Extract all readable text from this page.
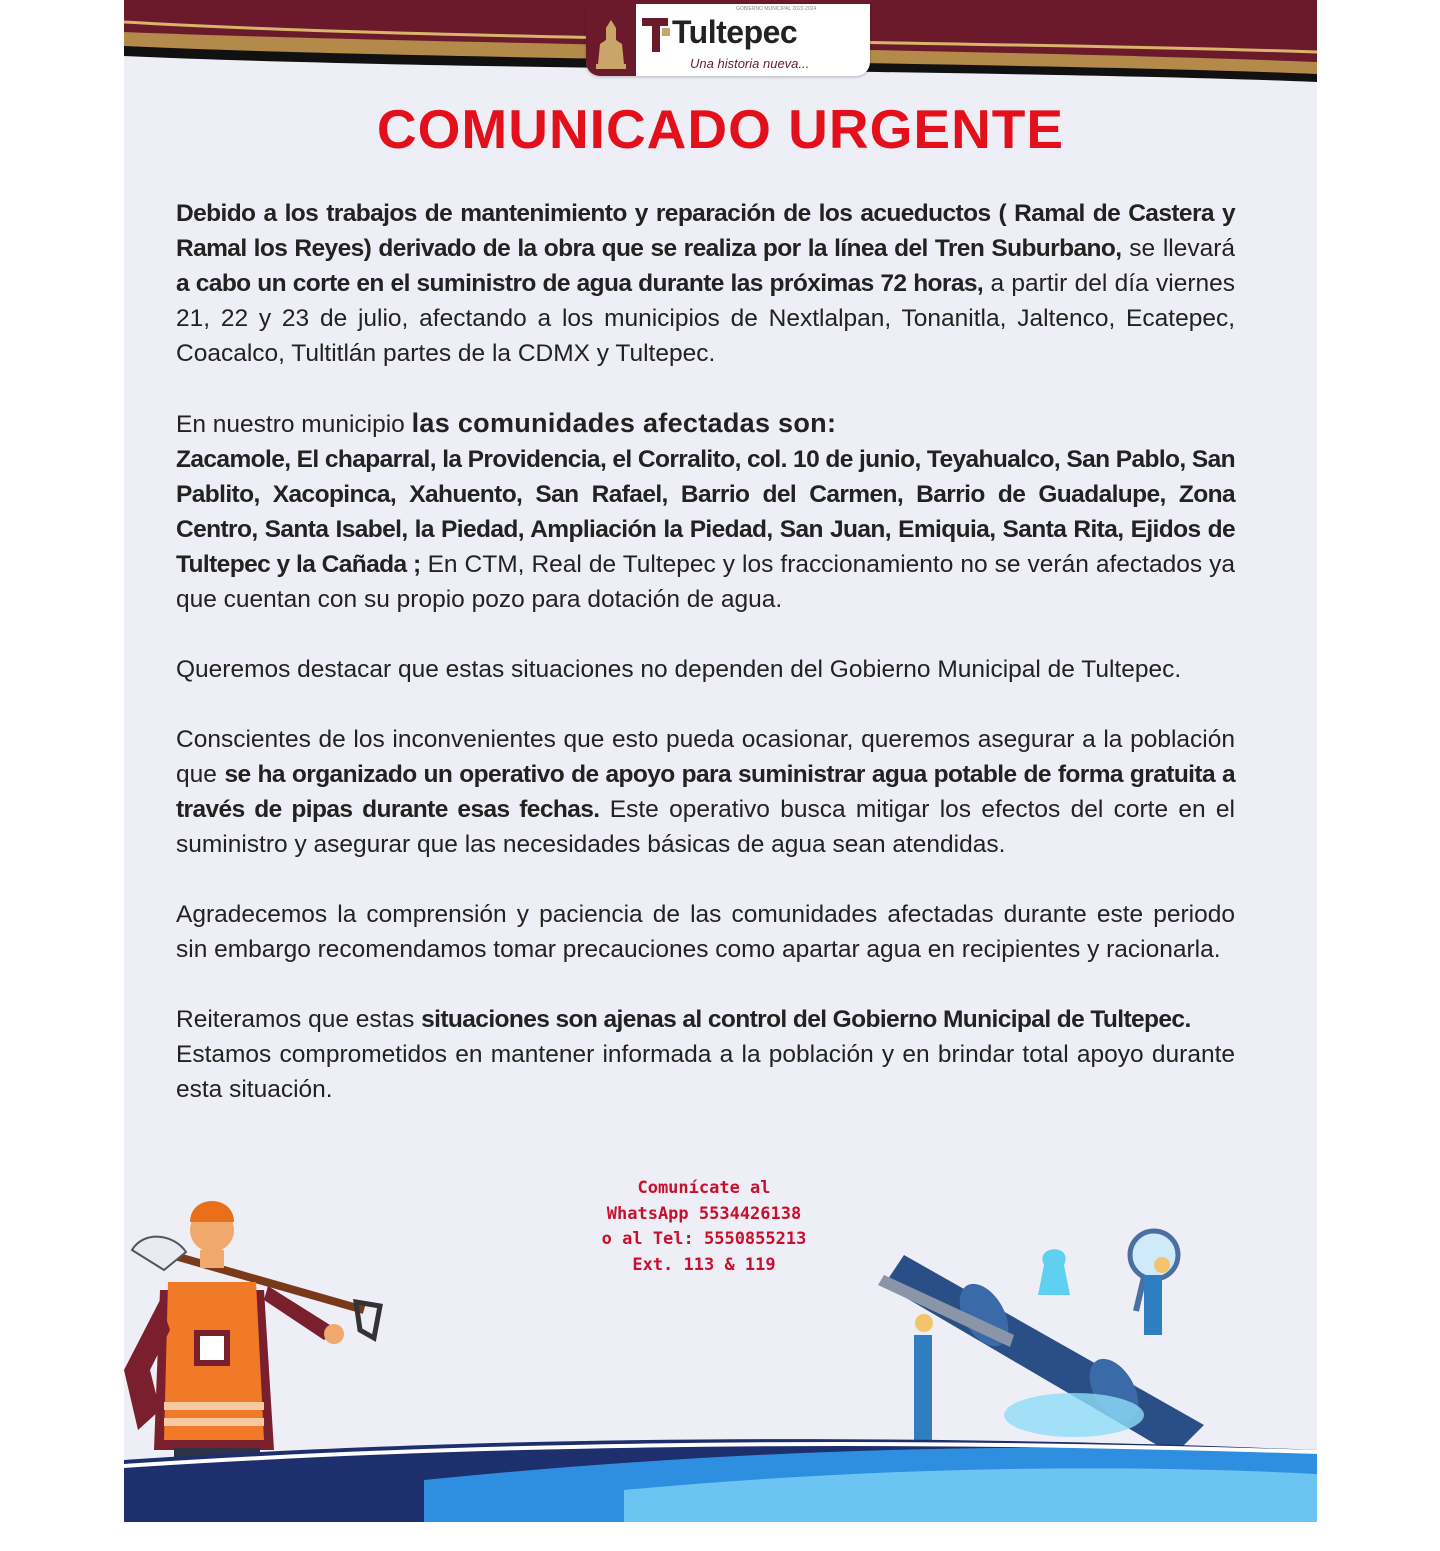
GOBIERNO MUNICIPAL 2022-2024
Tultepec
Una historia nueva...
COMUNICADO URGENTE

Debido a los trabajos de mantenimiento y reparación de los acueductos ( Ramal de Castera y Ramal los Reyes) derivado de la obra que se realiza por la línea del Tren Suburbano, se llevará a cabo un corte en el suministro de agua durante las próximas 72 horas, a partir del día viernes 21, 22 y 23 de julio, afectando a los municipios de Nextlalpan, Tonanitla, Jaltenco, Ecatepec, Coacalco, Tultitlán partes de la CDMX y Tultepec.

En nuestro municipio las comunidades afectadas son:
Zacamole, El chaparral, la Providencia, el Corralito, col. 10 de junio, Teyahualco, San Pablo, San Pablito, Xacopinca, Xahuento, San Rafael, Barrio del Carmen, Barrio de Guadalupe, Zona Centro, Santa Isabel, la Piedad, Ampliación la Piedad, San Juan, Emiquia, Santa Rita, Ejidos de Tultepec y la Cañada ; En CTM, Real de Tultepec y los fraccionamiento no se verán afectados ya que cuentan con su propio pozo para dotación de agua.

Queremos destacar que estas situaciones no dependen del Gobierno Municipal de Tultepec.

Conscientes de los inconvenientes que esto pueda ocasionar, queremos asegurar a la población que se ha organizado un operativo de apoyo para suministrar agua potable de forma gratuita a través de pipas durante esas fechas. Este operativo busca mitigar los efectos del corte en el suministro y asegurar que las necesidades básicas de agua sean atendidas.

Agradecemos la comprensión y paciencia de las comunidades afectadas durante este periodo sin embargo recomendamos tomar precauciones como apartar agua en recipientes y racionarla.

Reiteramos que estas situaciones son ajenas al control del Gobierno Municipal de Tultepec.
Estamos comprometidos en mantener informada a la población y en brindar total apoyo durante esta situación.

Comunícate al
WhatsApp 5534426138
o al Tel: 5550855213
Ext. 113 & 119
